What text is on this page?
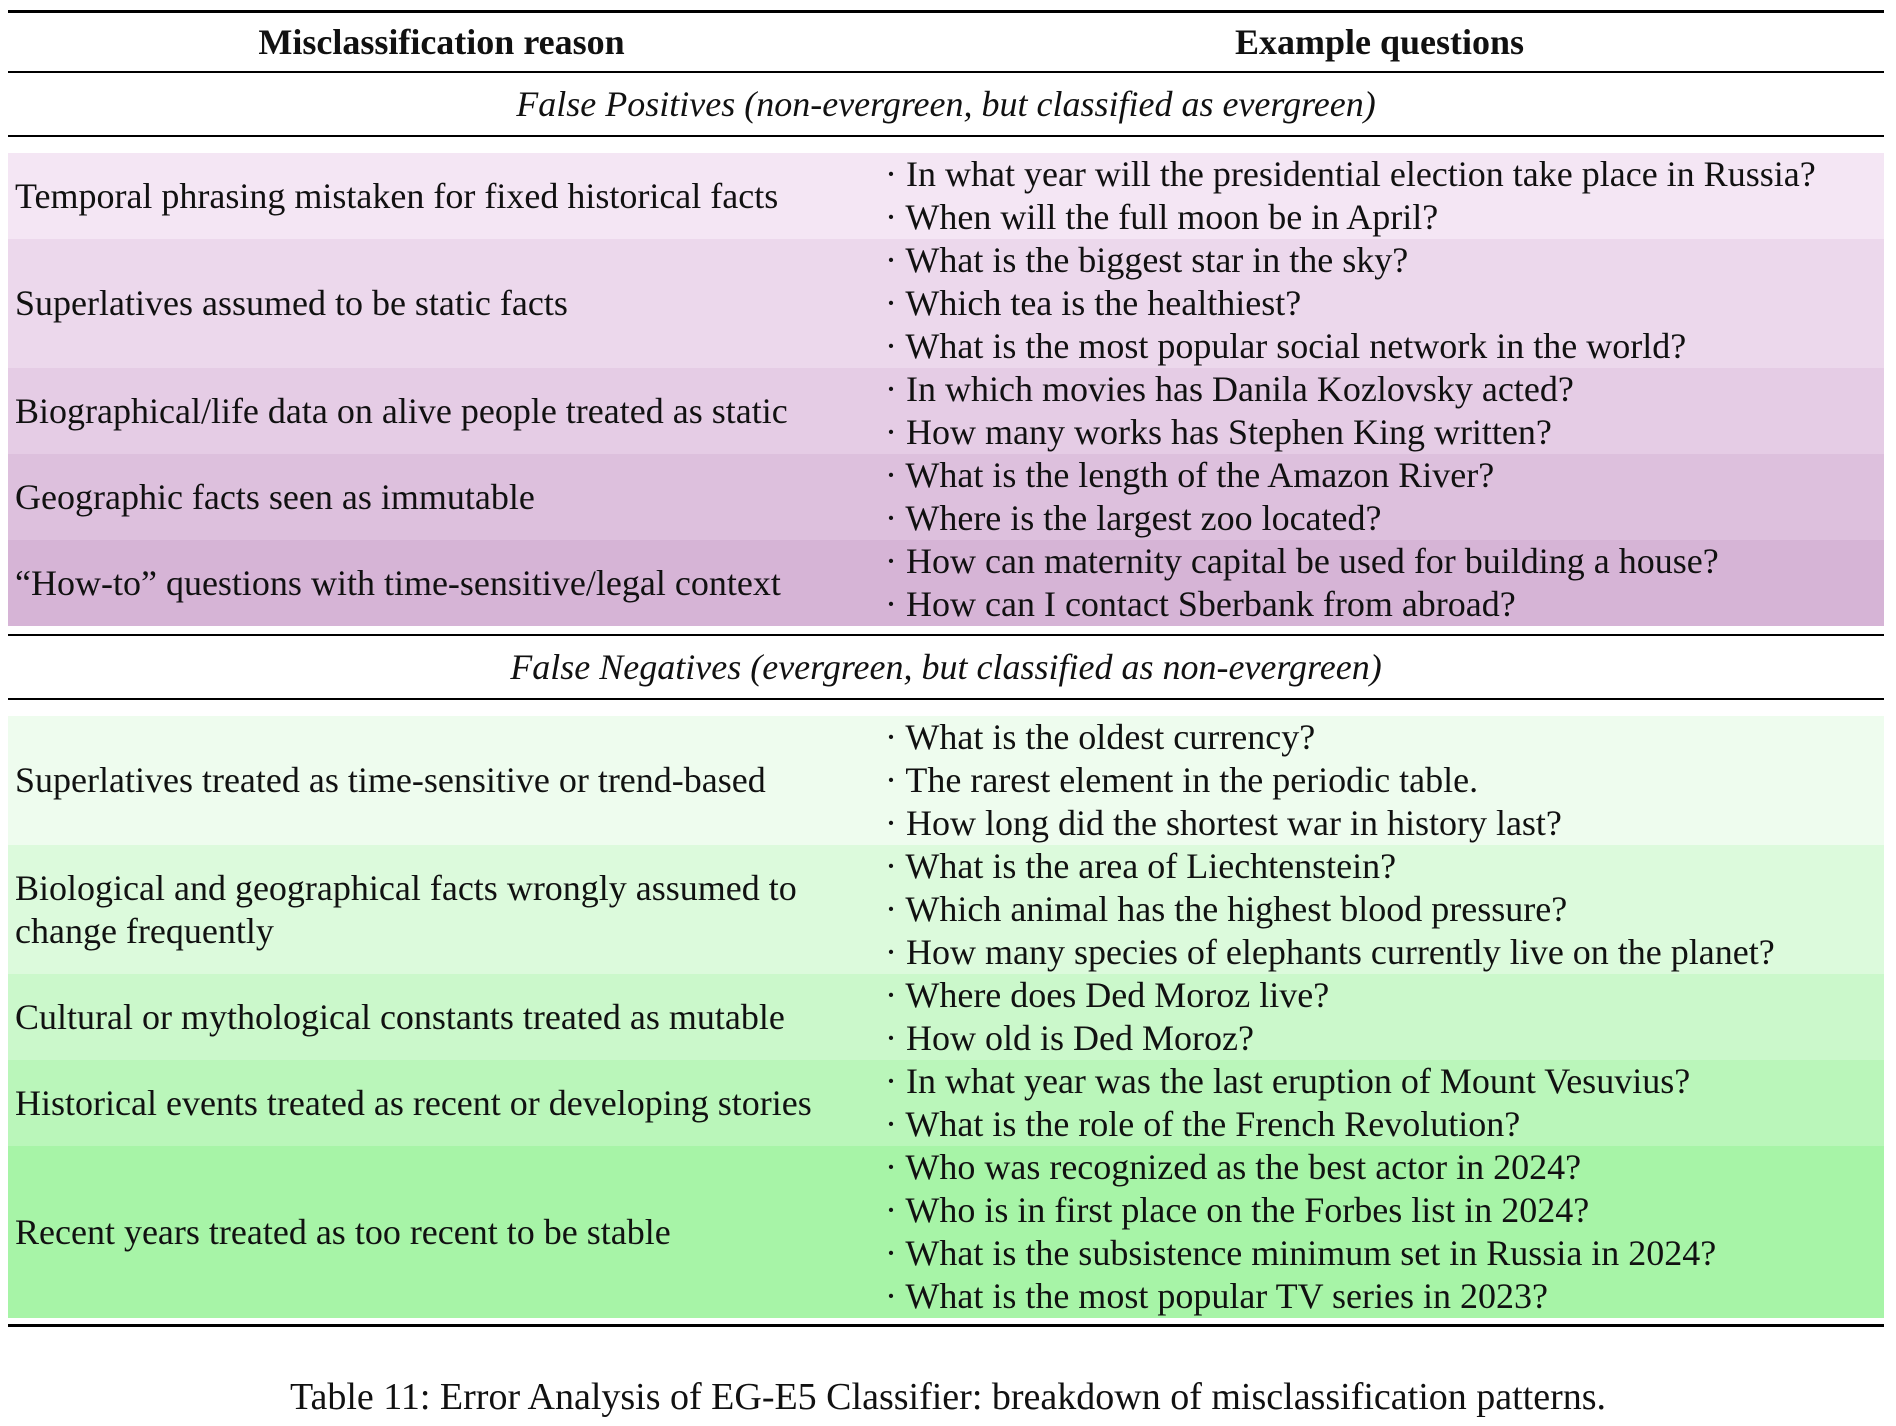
Misclassification reason	Example questions
False Positives (non-evergreen, but classified as evergreen)
Temporal phrasing mistaken for fixed historical facts
· In what year will the presidential election take place in Russia?
· When will the full moon be in April?
Superlatives assumed to be static facts
· What is the biggest star in the sky?
· Which tea is the healthiest?
· What is the most popular social network in the world?
Biographical/life data on alive people treated as static
· In which movies has Danila Kozlovsky acted?
· How many works has Stephen King written?
Geographic facts seen as immutable
· What is the length of the Amazon River?
· Where is the largest zoo located?
“How-to” questions with time-sensitive/legal context
· How can maternity capital be used for building a house?
· How can I contact Sberbank from abroad?
False Negatives (evergreen, but classified as non-evergreen)
Superlatives treated as time-sensitive or trend-based
· What is the oldest currency?
· The rarest element in the periodic table.
· How long did the shortest war in history last?
Biological and geographical facts wrongly assumed to change frequently
· What is the area of Liechtenstein?
· Which animal has the highest blood pressure?
· How many species of elephants currently live on the planet?
Cultural or mythological constants treated as mutable
· Where does Ded Moroz live?
· How old is Ded Moroz?
Historical events treated as recent or developing stories
· In what year was the last eruption of Mount Vesuvius?
· What is the role of the French Revolution?
Recent years treated as too recent to be stable
· Who was recognized as the best actor in 2024?
· Who is in first place on the Forbes list in 2024?
· What is the subsistence minimum set in Russia in 2024?
· What is the most popular TV series in 2023?
Table 11: Error Analysis of EG-E5 Classifier: breakdown of misclassification patterns.
